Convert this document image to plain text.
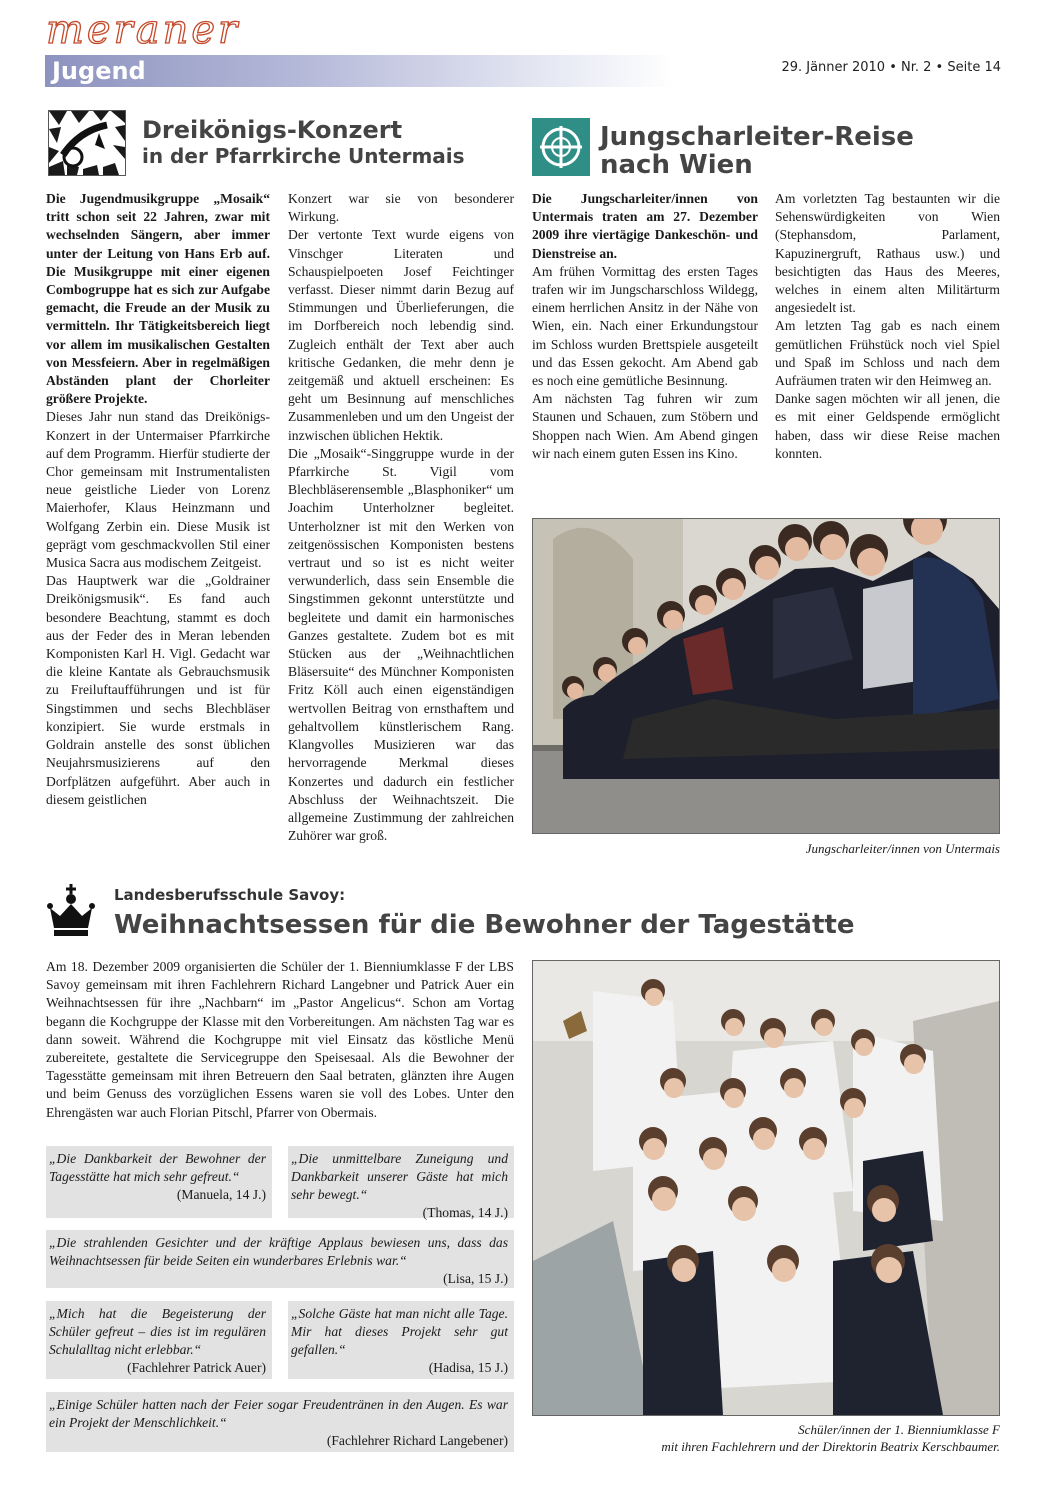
meraner
Jugend	29. Jänner 2010 • Nr. 2 • Seite 14
Dreikönigs-Konzert
in der Pfarrkirche Untermais

Die Jugendmusikgruppe „Mosaik“ tritt schon seit 22 Jahren, zwar mit wechselnden Sängern, aber immer unter der Leitung von Hans Erb auf. Die Musikgruppe mit einer eigenen Combogruppe hat es sich zur Aufgabe gemacht, die Freude an der Musik zu vermitteln. Ihr Tätigkeitsbereich liegt vor allem im musikalischen Gestalten von Messfeiern. Aber in regelmäßigen Abständen plant der Chorleiter größere Projekte.

Dieses Jahr nun stand das Dreikönigs-Konzert in der Untermaiser Pfarrkirche auf dem Programm. Hierfür studierte der Chor gemeinsam mit Instrumentalisten neue geistliche Lieder von Lorenz Maierhofer, Klaus Heinzmann und Wolfgang Zerbin ein. Diese Musik ist geprägt vom geschmackvollen Stil einer Musica Sacra aus modischem Zeitgeist.

Das Hauptwerk war die „Goldrainer Dreikönigsmusik“. Es fand auch besondere Beachtung, stammt es doch aus der Feder des in Meran lebenden Komponisten Karl H. Vigl. Gedacht war die kleine Kantate als Gebrauchsmusik zu Freiluftaufführungen und ist für Singstimmen und sechs Blechbläser konzipiert. Sie wurde erstmals in Goldrain anstelle des sonst üblichen Neujahrsmusizierens auf den Dorfplätzen aufgeführt. Aber auch in diesem geistlichen

Konzert war sie von besonderer Wirkung.

Der vertonte Text wurde eigens von Vinschger Literaten und Schauspielpoeten Josef Feichtinger verfasst. Dieser nimmt darin Bezug auf Stimmungen und Überlieferungen, die im Dorfbereich noch lebendig sind. Zugleich enthält der Text aber auch kritische Gedanken, die mehr denn je zeitgemäß und aktuell erscheinen: Es geht um Besinnung auf menschliches Zusammenleben und um den Ungeist der inzwischen üblichen Hektik.

Die „Mosaik“-Singgruppe wurde in der Pfarrkirche St. Vigil vom Blechbläserensemble „Blasphoniker“ um Joachim Unterholzner begleitet. Unterholzner ist mit den Werken von zeitgenössischen Komponisten bestens vertraut und so ist es nicht weiter verwunderlich, dass sein Ensemble die Singstimmen gekonnt unterstützte und begleitete und damit ein harmonisches Ganzes gestaltete. Zudem bot es mit Stücken aus der „Weihnachtlichen Bläsersuite“ des Münchner Komponisten Fritz Köll auch einen eigenständigen wertvollen Beitrag von ernsthaftem und gehaltvollem künstlerischem Rang. Klangvolles Musizieren war das hervorragende Merkmal dieses Konzertes und dadurch ein festlicher Abschluss der Weihnachtszeit. Die allgemeine Zustimmung der zahlreichen Zuhörer war groß.

Jungscharleiter-Reise
nach Wien

Die Jungscharleiter/innen von Untermais traten am 27. Dezember 2009 ihre viertägige Dankeschön- und Dienstreise an.

Am frühen Vormittag des ersten Tages trafen wir im Jungscharschloss Wildegg, einem herrlichen Ansitz in der Nähe von Wien, ein. Nach einer Erkundungstour im Schloss wurden Brettspiele ausgeteilt und das Essen gekocht. Am Abend gab es noch eine gemütliche Besinnung.

Am nächsten Tag fuhren wir zum Staunen und Schauen, zum Stöbern und Shoppen nach Wien. Am Abend gingen wir nach einem guten Essen ins Kino.

Am vorletzten Tag bestaunten wir die Sehenswürdigkeiten von Wien (Stephansdom, Parlament, Kapuzinergruft, Rathaus usw.) und besichtigten das Haus des Meeres, welches in einem alten Militärturm angesiedelt ist.

Am letzten Tag gab es nach einem gemütlichen Frühstück noch viel Spiel und Spaß im Schloss und nach dem Aufräumen traten wir den Heimweg an.

Danke sagen möchten wir all jenen, die es mit einer Geldspende ermöglicht haben, dass wir diese Reise machen konnten.

Jungscharleiter/innen von Untermais
Landesberufsschule Savoy:
Weihnachtsessen für die Bewohner der Tagestätte
Am 18. Dezember 2009 organisierten die Schüler der 1. Bienniumklasse F der LBS Savoy gemeinsam mit ihren Fachlehrern Richard Langebner und Patrick Auer ein Weihnachtsessen für ihre „Nachbarn“ im „Pastor Angelicus“. Schon am Vortag begann die Kochgruppe der Klasse mit den Vorbereitungen. Am nächsten Tag war es dann soweit. Während die Kochgruppe mit viel Einsatz das köstliche Menü zubereitete, gestaltete die Servicegruppe den Speisesaal. Als die Bewohner der Tagesstätte gemeinsam mit ihren Betreuern den Saal betraten, glänzten ihre Augen und beim Genuss des vorzüglichen Essens waren sie voll des Lobes. Unter den Ehrengästen war auch Florian Pitschl, Pfarrer von Obermais.
„Die Dankbarkeit der Bewohner der Tagesstätte hat mich sehr gefreut.“
(Manuela, 14 J.)
„Die unmittelbare Zuneigung und Dankbarkeit unserer Gäste hat mich sehr bewegt.“
(Thomas, 14 J.)
„Die strahlenden Gesichter und der kräftige Applaus bewiesen uns, dass das Weihnachtsessen für beide Seiten ein wunderbares Erlebnis war.“
(Lisa, 15 J.)
„Mich hat die Begeisterung der Schüler gefreut – dies ist im regulären Schulalltag nicht erlebbar.“
(Fachlehrer Patrick Auer)
„Solche Gäste hat man nicht alle Tage. Mir hat dieses Projekt sehr gut gefallen.“
(Hadisa, 15 J.)
„Einige Schüler hatten nach der Feier sogar Freudentränen in den Augen. Es war ein Projekt der Menschlichkeit.“
(Fachlehrer Richard Langebener)
Schüler/innen der 1. Bienniumklasse F
mit ihren Fachlehrern und der Direktorin Beatrix Kerschbaumer.
